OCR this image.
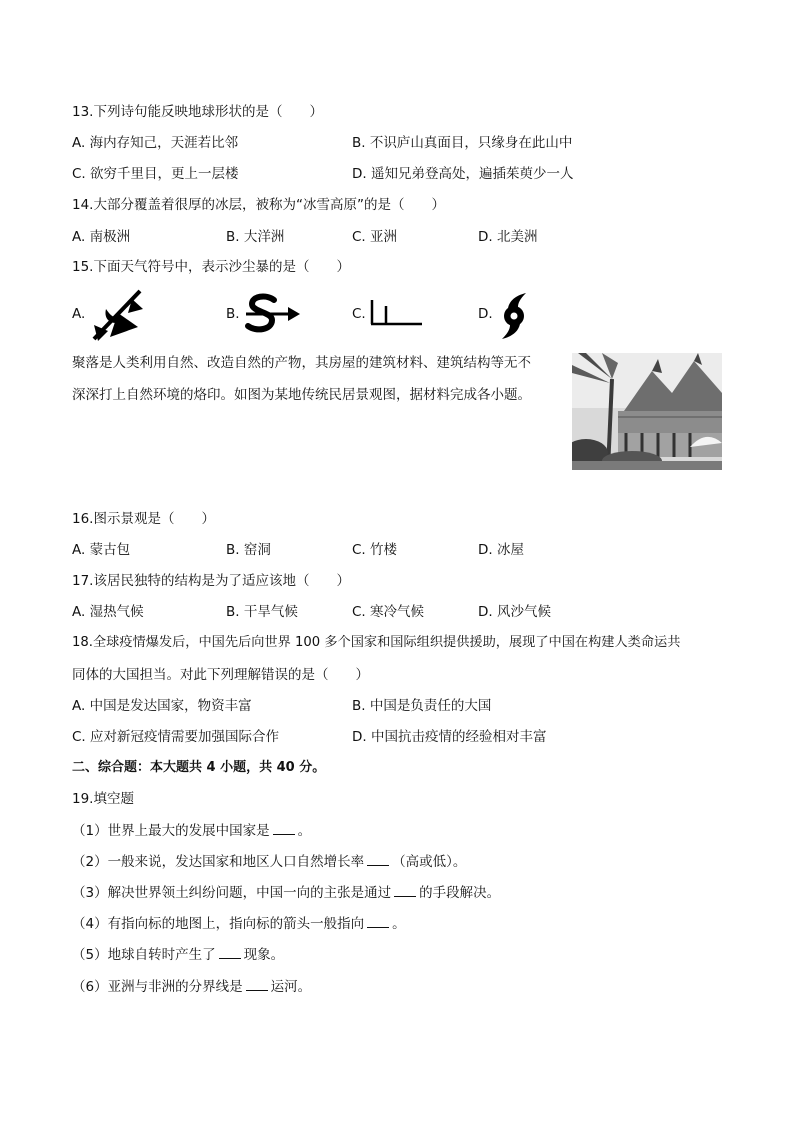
13.下列诗句能反映地球形状的是（　　）
A. 海内存知己，天涯若比邻	B. 不识庐山真面目，只缘身在此山中
C. 欲穷千里目，更上一层楼	D. 遥知兄弟登高处，遍插茱萸少一人
14.大部分覆盖着很厚的冰层，被称为“冰雪高原”的是（　　）
A. 南极洲	B. 大洋洲	C. 亚洲	D. 北美洲
15.下面天气符号中，表示沙尘暴的是（　　）
A.	B.	C.	D.
聚落是人类利用自然、改造自然的产物，其房屋的建筑材料、建筑结构等无不
深深打上自然环境的烙印。如图为某地传统民居景观图，据材料完成各小题。
16.图示景观是（　　）
A. 蒙古包	B. 窑洞	C. 竹楼	D. 冰屋
17.该居民独特的结构是为了适应该地（　　）
A. 湿热气候	B. 干旱气候	C. 寒冷气候	D. 风沙气候
18.全球疫情爆发后，中国先后向世界 100 多个国家和国际组织提供援助，展现了中国在构建人类命运共
同体的大国担当。对此下列理解错误的是（　　）
A. 中国是发达国家，物资丰富	B. 中国是负责任的大国
C. 应对新冠疫情需要加强国际合作	D. 中国抗击疫情的经验相对丰富
二、综合题：本大题共 4 小题，共 40 分。
19.填空题
（1）世界上最大的发展中国家是 。
（2）一般来说，发达国家和地区人口自然增长率 （高或低）。
（3）解决世界领土纠纷问题，中国一向的主张是通过 的手段解决。
（4）有指向标的地图上，指向标的箭头一般指向 。
（5）地球自转时产生了 现象。
（6）亚洲与非洲的分界线是 运河。
